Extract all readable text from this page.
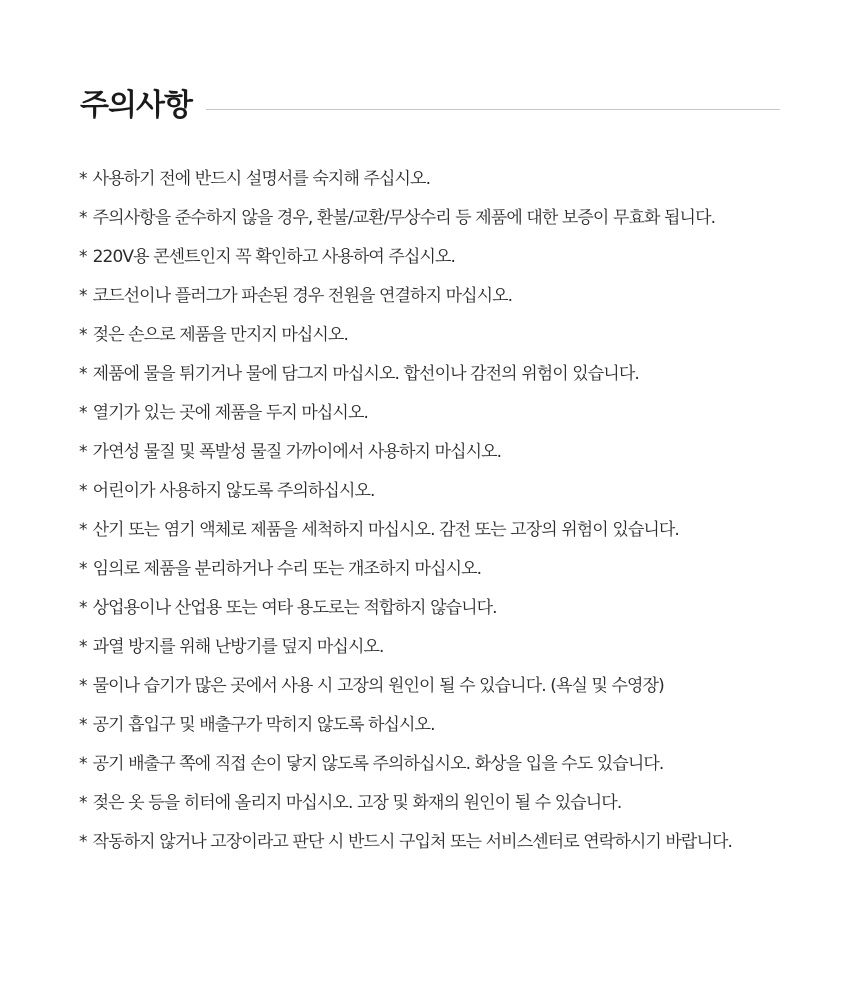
주의사항
* 사용하기 전에 반드시 설명서를 숙지해 주십시오.
* 주의사항을 준수하지 않을 경우, 환불/교환/무상수리 등 제품에 대한 보증이 무효화 됩니다.
* 220V용 콘센트인지 꼭 확인하고 사용하여 주십시오.
* 코드선이나 플러그가 파손된 경우 전원을 연결하지 마십시오.
* 젖은 손으로 제품을 만지지 마십시오.
* 제품에 물을 튀기거나 물에 담그지 마십시오. 합선이나 감전의 위험이 있습니다.
* 열기가 있는 곳에 제품을 두지 마십시오.
* 가연성 물질 및 폭발성 물질 가까이에서 사용하지 마십시오.
* 어린이가 사용하지 않도록 주의하십시오.
* 산기 또는 염기 액체로 제품을 세척하지 마십시오. 감전 또는 고장의 위험이 있습니다.
* 임의로 제품을 분리하거나 수리 또는 개조하지 마십시오.
* 상업용이나 산업용 또는 여타 용도로는 적합하지 않습니다.
* 과열 방지를 위해 난방기를 덮지 마십시오.
* 물이나 습기가 많은 곳에서 사용 시 고장의 원인이 될 수 있습니다. (욕실 및 수영장)
* 공기 흡입구 및 배출구가 막히지 않도록 하십시오.
* 공기 배출구 쪽에 직접 손이 닿지 않도록 주의하십시오. 화상을 입을 수도 있습니다.
* 젖은 옷 등을 히터에 올리지 마십시오. 고장 및 화재의 원인이 될 수 있습니다.
* 작동하지 않거나 고장이라고 판단 시 반드시 구입처 또는 서비스센터로 연락하시기 바랍니다.
